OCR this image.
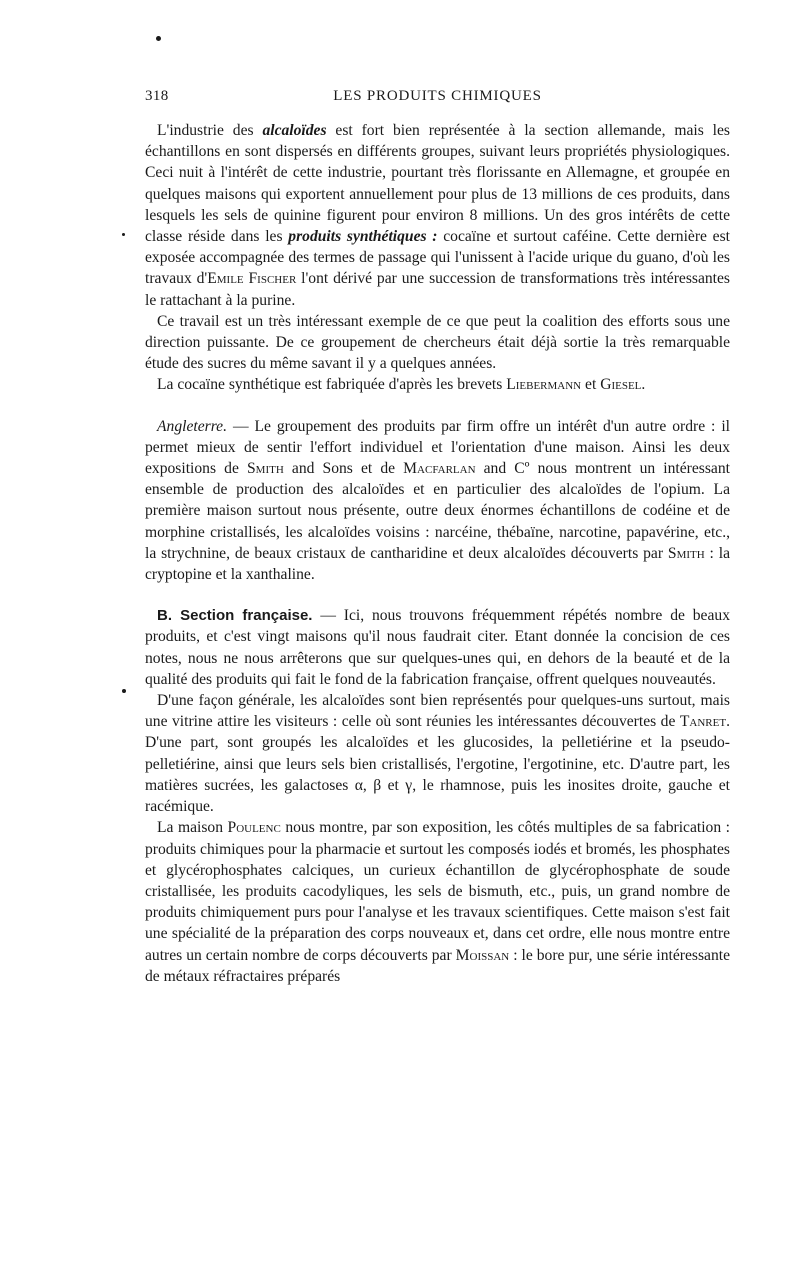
318	LES PRODUITS CHIMIQUES

L'industrie des alcaloïdes est fort bien représentée à la section allemande, mais les échantillons en sont dispersés en différents groupes, suivant leurs propriétés physiologiques. Ceci nuit à l'intérêt de cette industrie, pourtant très florissante en Allemagne, et groupée en quelques maisons qui exportent annuellement pour plus de 13 millions de ces produits, dans lesquels les sels de quinine figurent pour environ 8 millions. Un des gros intérêts de cette classe réside dans les produits synthétiques : cocaïne et surtout caféine. Cette dernière est exposée accompagnée des termes de passage qui l'unissent à l'acide urique du guano, d'où les travaux d'Emile Fischer l'ont dérivé par une succession de transformations très intéressantes le rattachant à la purine.

Ce travail est un très intéressant exemple de ce que peut la coalition des efforts sous une direction puissante. De ce groupement de chercheurs était déjà sortie la très remarquable étude des sucres du même savant il y a quelques années.

La cocaïne synthétique est fabriquée d'après les brevets Liebermann et Giesel.

Angleterre. — Le groupement des produits par firm offre un intérêt d'un autre ordre : il permet mieux de sentir l'effort individuel et l'orientation d'une maison. Ainsi les deux expositions de Smith and Sons et de Macfarlan and Cº nous montrent un intéressant ensemble de production des alcaloïdes et en particulier des alcaloïdes de l'opium. La première maison surtout nous présente, outre deux énormes échantillons de codéine et de morphine cristallisés, les alcaloïdes voisins : narcéine, thébaïne, narcotine, papavérine, etc., la strychnine, de beaux cristaux de cantharidine et deux alcaloïdes découverts par Smith : la cryptopine et la xanthaline.

B. Section française. — Ici, nous trouvons fréquemment répétés nombre de beaux produits, et c'est vingt maisons qu'il nous faudrait citer. Etant donnée la concision de ces notes, nous ne nous arrêterons que sur quelques-unes qui, en dehors de la beauté et de la qualité des produits qui fait le fond de la fabrication française, offrent quelques nouveautés.

D'une façon générale, les alcaloïdes sont bien représentés pour quelques-uns surtout, mais une vitrine attire les visiteurs : celle où sont réunies les intéressantes découvertes de Tanret. D'une part, sont groupés les alcaloïdes et les glucosides, la pelletiérine et la pseudo-pelletiérine, ainsi que leurs sels bien cristallisés, l'ergotine, l'ergotinine, etc. D'autre part, les matières sucrées, les galactoses α, β et γ, le rhamnose, puis les inosites droite, gauche et racémique.

La maison Poulenc nous montre, par son exposition, les côtés multiples de sa fabrication : produits chimiques pour la pharmacie et surtout les composés iodés et bromés, les phosphates et glycérophosphates calciques, un curieux échantillon de glycérophosphate de soude cristallisée, les produits cacodyliques, les sels de bismuth, etc., puis, un grand nombre de produits chimiquement purs pour l'analyse et les travaux scientifiques. Cette maison s'est fait une spécialité de la préparation des corps nouveaux et, dans cet ordre, elle nous montre entre autres un certain nombre de corps découverts par Moissan : le bore pur, une série intéressante de métaux réfractaires préparés
